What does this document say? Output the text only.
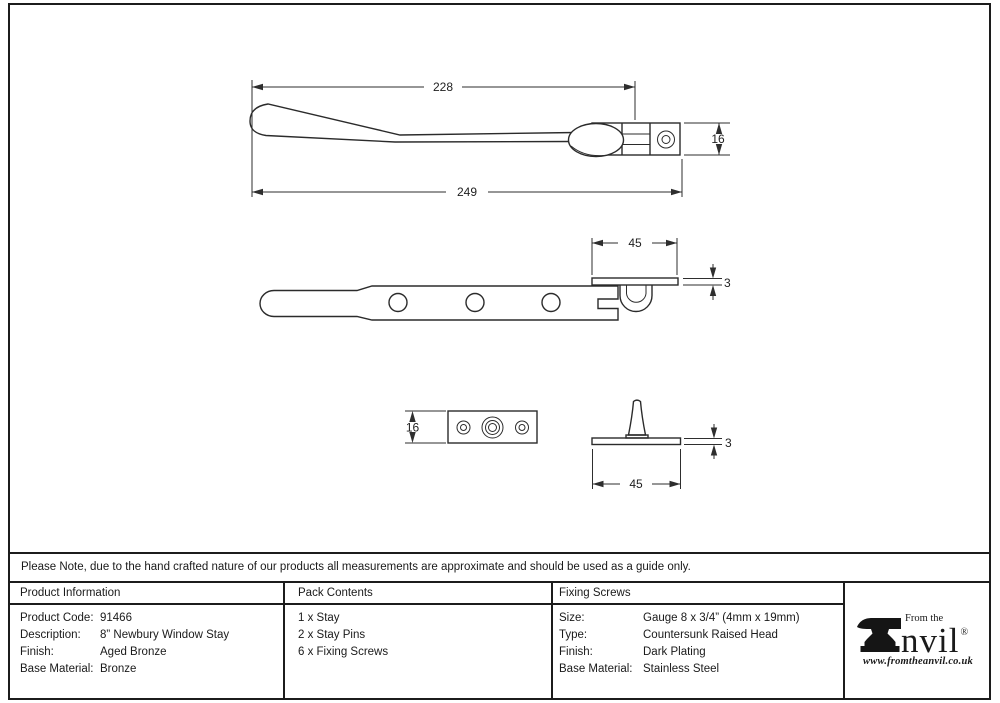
228
249
16
45
3
16
3
45
Please Note, due to the hand crafted nature of our products all measurements are approximate and should be used as a guide only.
Product Information
Product Code: 91466
Description:	8” Newbury Window Stay
Finish:	Aged Bronze
Base Material: Bronze
Pack Contents
1 x Stay
2 x Stay Pins
6 x Fixing Screws
Fixing Screws
Size:	Gauge 8 x 3/4” (4mm x 19mm)
Type:	Countersunk Raised Head
Finish:	Dark Plating
Base Material: Stainless Steel
From the
nvil®
www.fromtheanvil.co.uk
